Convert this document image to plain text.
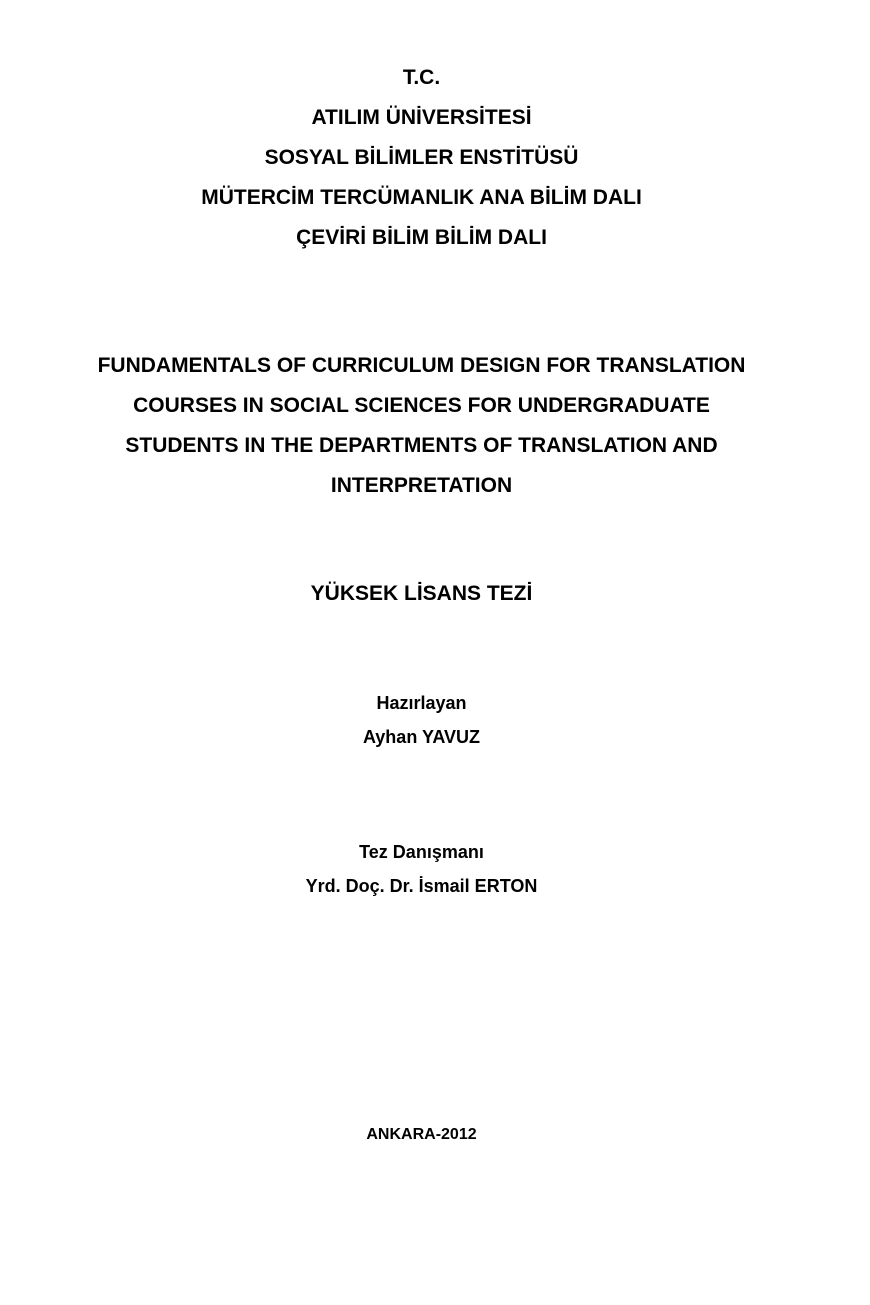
T.C.
ATILIM ÜNİVERSİTESİ
SOSYAL BİLİMLER ENSTİTÜSÜ
MÜTERCİM TERCÜMANLIK ANA BİLİM DALI
ÇEVİRİ BİLİM BİLİM DALI
FUNDAMENTALS OF CURRICULUM DESIGN FOR TRANSLATION
COURSES IN SOCIAL SCIENCES FOR UNDERGRADUATE
STUDENTS IN THE DEPARTMENTS OF TRANSLATION AND
INTERPRETATION
YÜKSEK LİSANS TEZİ
Hazırlayan
Ayhan YAVUZ
Tez Danışmanı
Yrd. Doç. Dr. İsmail ERTON
ANKARA-2012
